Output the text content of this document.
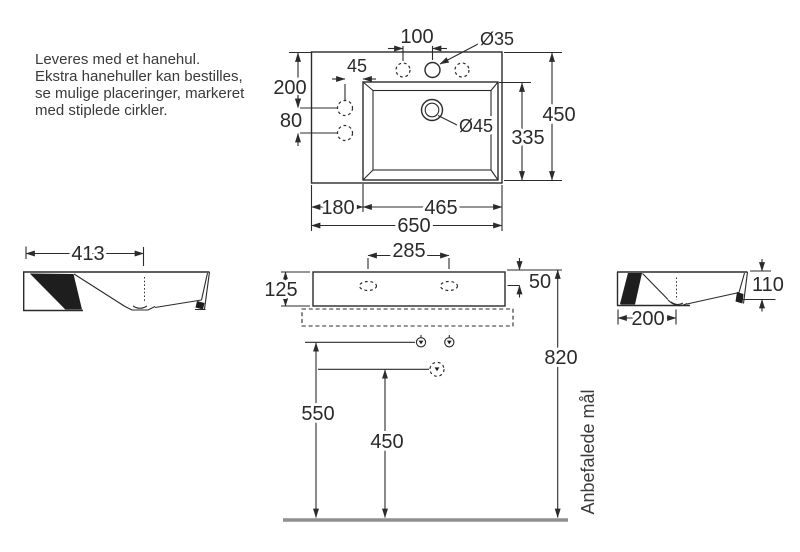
Leveres med et hanehul.
Ekstra hanehuller kan bestilles,
se mulige placeringer, markeret
med stiplede cirkler.
100	Ø35
45
200
80	Ø45 450
335
180	465
650
413	285
125	50	110
200
550
450
820
Anbefalede mål
